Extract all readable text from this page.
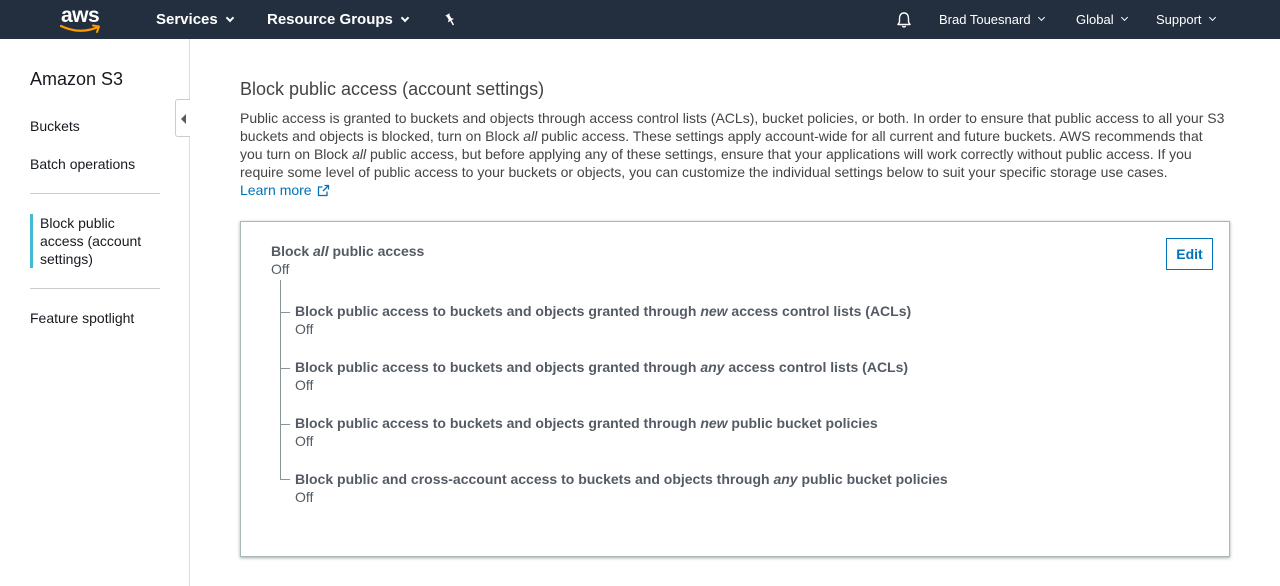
aws	Services	Resource Groups	Brad Touesnard	Global	Support
Amazon S3
Buckets
Batch operations
Block public access (account settings)
Feature spotlight
Block public access (account settings)
Public access is granted to buckets and objects through access control lists (ACLs), bucket policies, or both. In order to ensure that public access to all your S3 buckets and objects is blocked, turn on Block all public access. These settings apply account-wide for all current and future buckets. AWS recommends that you turn on Block all public access, but before applying any of these settings, ensure that your applications will work correctly without public access. If you require some level of public access to your buckets or objects, you can customize the individual settings below to suit your specific storage use cases.

Learn more
Edit
Block all public access
Off
Block public access to buckets and objects granted through new access control lists (ACLs)
Off
Block public access to buckets and objects granted through any access control lists (ACLs)
Off
Block public access to buckets and objects granted through new public bucket policies
Off
Block public and cross-account access to buckets and objects through any public bucket policies
Off
